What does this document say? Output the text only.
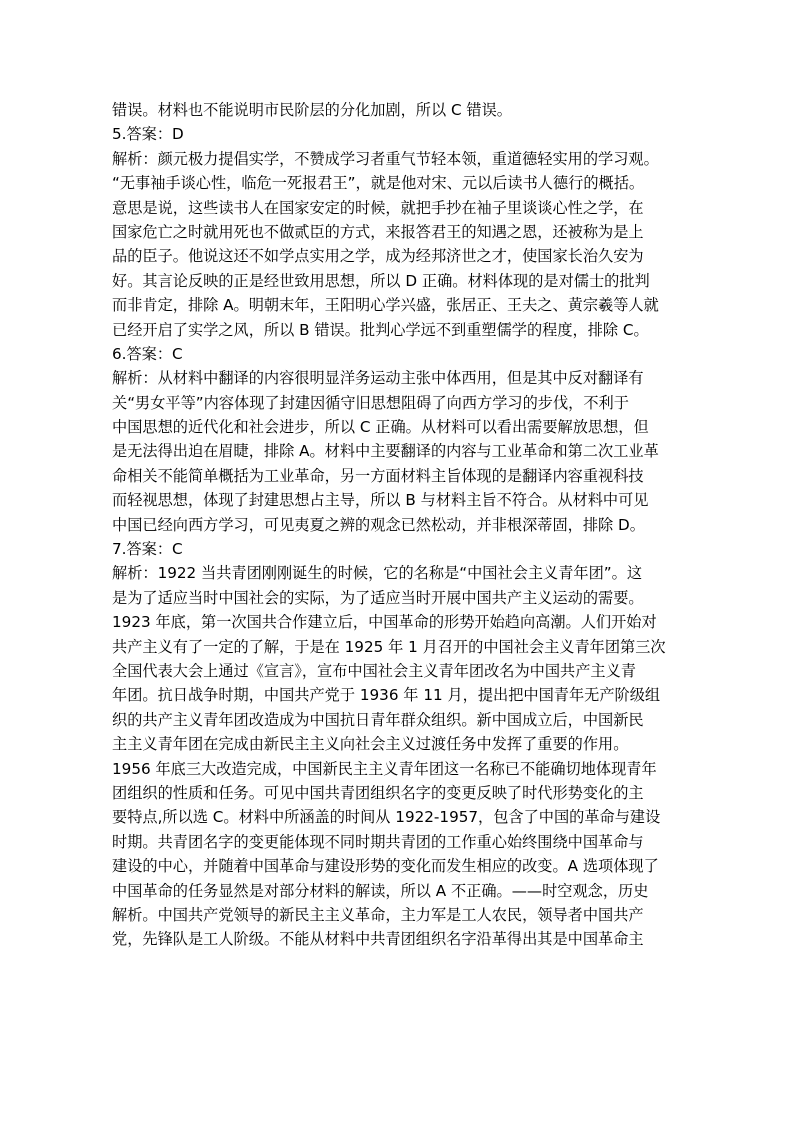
错误。材料也不能说明市民阶层的分化加剧，所以 C 错误。
5.答案：D
解析：颜元极力提倡实学，不赞成学习者重气节轻本领，重道德轻实用的学习观。
“无事袖手谈心性，临危一死报君王”，就是他对宋、元以后读书人德行的概括。
意思是说，这些读书人在国家安定的时候，就把手抄在袖子里谈谈心性之学，在
国家危亡之时就用死也不做贰臣的方式，来报答君王的知遇之恩，还被称为是上
品的臣子。他说这还不如学点实用之学，成为经邦济世之才，使国家长治久安为
好。其言论反映的正是经世致用思想，所以 D 正确。材料体现的是对儒士的批判
而非肯定，排除 A。明朝末年，王阳明心学兴盛，张居正、王夫之、黄宗羲等人就
已经开启了实学之风，所以 B 错误。批判心学远不到重塑儒学的程度，排除 C。
6.答案：C
解析：从材料中翻译的内容很明显洋务运动主张中体西用，但是其中反对翻译有
关“男女平等”内容体现了封建因循守旧思想阻碍了向西方学习的步伐，不利于
中国思想的近代化和社会进步，所以 C 正确。从材料可以看出需要解放思想，但
是无法得出迫在眉睫，排除 A。材料中主要翻译的内容与工业革命和第二次工业革
命相关不能简单概括为工业革命，另一方面材料主旨体现的是翻译内容重视科技
而轻视思想，体现了封建思想占主导，所以 B 与材料主旨不符合。从材料中可见
中国已经向西方学习，可见夷夏之辨的观念已然松动，并非根深蒂固，排除 D。
7.答案：C
解析：1922 当共青团刚刚诞生的时候，它的名称是“中国社会主义青年团”。这
是为了适应当时中国社会的实际，为了适应当时开展中国共产主义运动的需要。
1923 年底，第一次国共合作建立后，中国革命的形势开始趋向高潮。人们开始对
共产主义有了一定的了解，于是在 1925 年 1 月召开的中国社会主义青年团第三次
全国代表大会上通过《宣言》，宣布中国社会主义青年团改名为中国共产主义青
年团。抗日战争时期，中国共产党于 1936 年 11 月，提出把中国青年无产阶级组
织的共产主义青年团改造成为中国抗日青年群众组织。新中国成立后，中国新民
主主义青年团在完成由新民主主义向社会主义过渡任务中发挥了重要的作用。
1956 年底三大改造完成，中国新民主主义青年团这一名称已不能确切地体现青年
团组织的性质和任务。可见中国共青团组织名字的变更反映了时代形势变化的主
要特点,所以选 C。材料中所涵盖的时间从 1922-1957，包含了中国的革命与建设
时期。共青团名字的变更能体现不同时期共青团的工作重心始终围绕中国革命与
建设的中心，并随着中国革命与建设形势的变化而发生相应的改变。A 选项体现了
中国革命的任务显然是对部分材料的解读，所以 A 不正确。——时空观念，历史
解析。中国共产党领导的新民主主义革命，主力军是工人农民，领导者中国共产
党，先锋队是工人阶级。不能从材料中共青团组织名字沿革得出其是中国革命主
